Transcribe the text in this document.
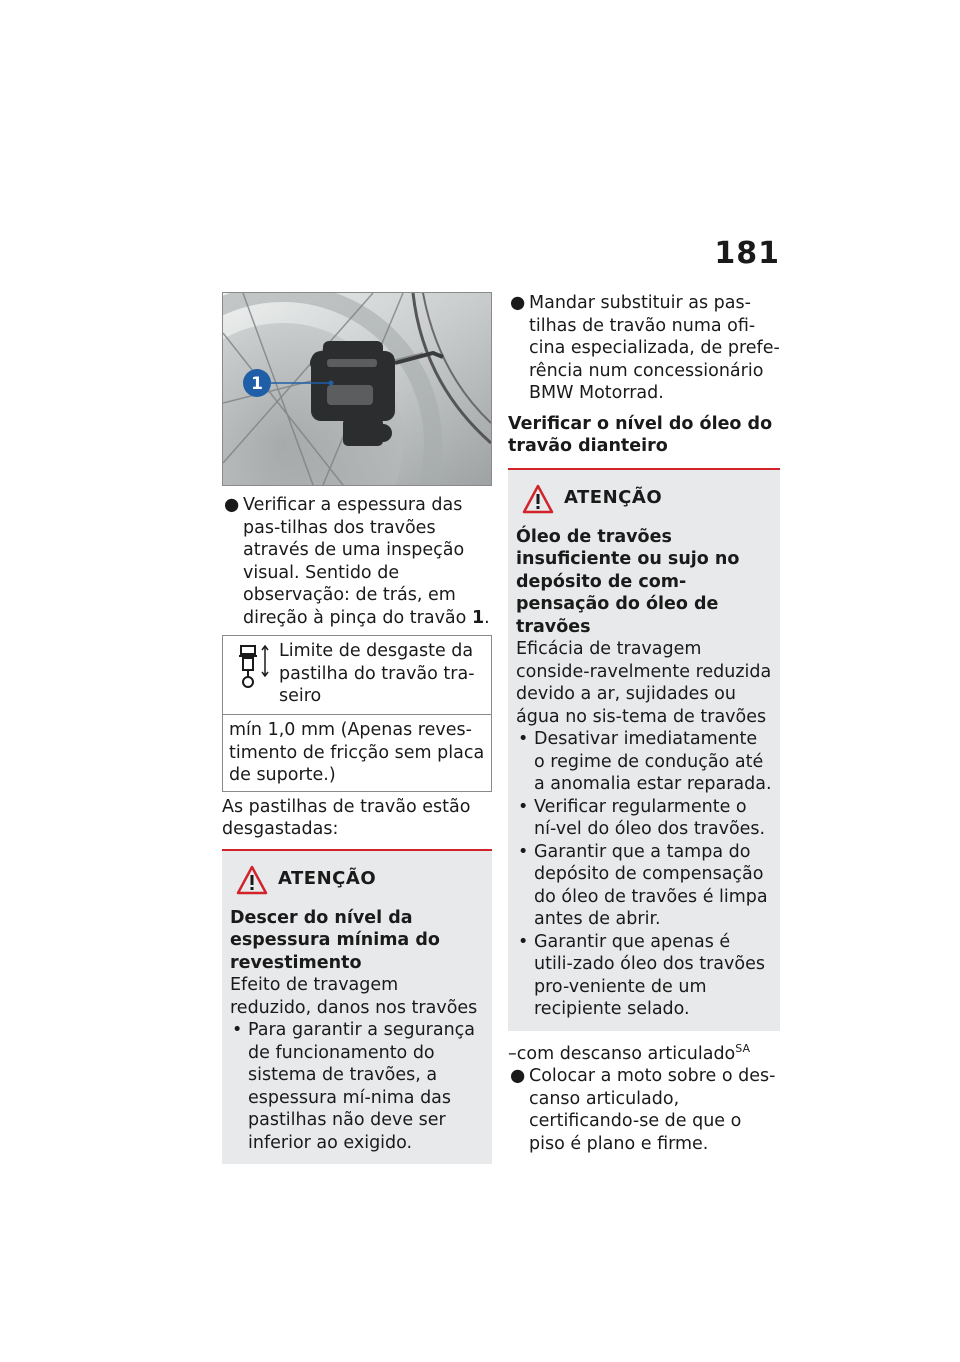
181
1

● Verificar a espessura das pas-tilhas dos travões através de uma inspeção visual. Sentido de observação: de trás, em direção à pinça do travão 1.

Limite de desgaste da pastilha do travão tra-seiro
mín 1,0 mm (Apenas reves-timento de fricção sem placa de suporte.)

As pastilhas de travão estão desgastadas:

ATENÇÃO

Descer do nível da espessura mínima do revestimento

Efeito de travagem reduzido, danos nos travões

• Para garantir a segurança de funcionamento do sistema de travões, a espessura mí-nima das pastilhas não deve ser inferior ao exigido.

● Mandar substituir as pas-tilhas de travão numa ofi-cina especializada, de prefe-rência num concessionário BMW Motorrad.

Verificar o nível do óleo do travão dianteiro

ATENÇÃO

Óleo de travões insuficiente ou sujo no depósito de com-pensação do óleo de travões

Eficácia de travagem conside-ravelmente reduzida devido a ar, sujidades ou água no sis-tema de travões

• Desativar imediatamente o regime de condução até a anomalia estar reparada.

• Verificar regularmente o ní-vel do óleo dos travões.

• Garantir que a tampa do depósito de compensação do óleo de travões é limpa antes de abrir.

• Garantir que apenas é utili-zado óleo dos travões pro-veniente de um recipiente selado.

–com descanso articulado$^{SA}$

● Colocar a moto sobre o des-canso articulado, certificando-se de que o piso é plano e firme.
